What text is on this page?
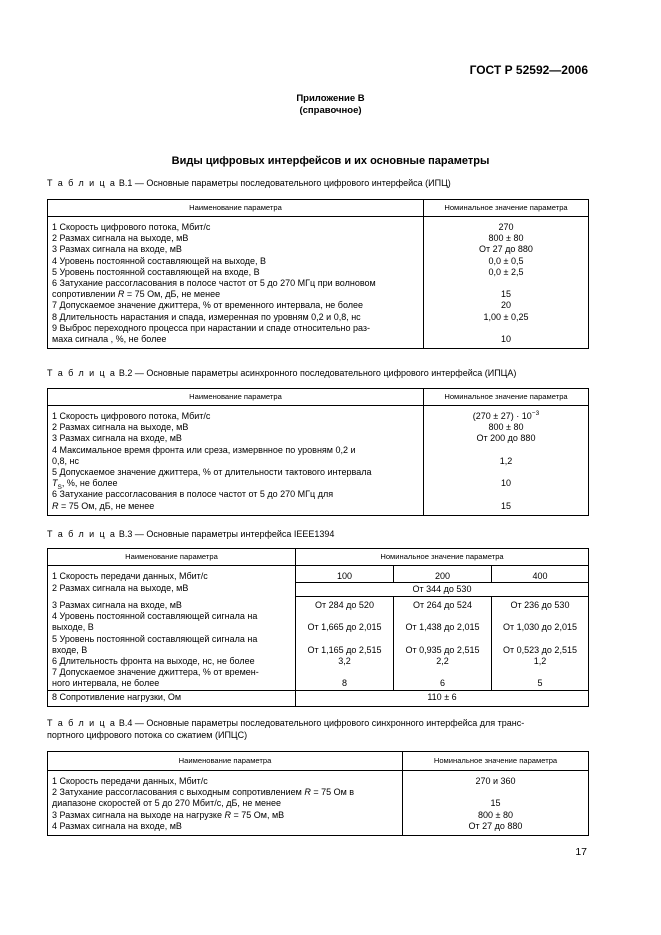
ГОСТ Р 52592—2006
Приложение В
(справочное)
Виды цифровых интерфейсов и их основные параметры
Т а б л и ц а В.1 — Основные параметры последовательного цифрового интерфейса (ИПЦ)
Наименование параметра	Номинальное значение параметра
1 Скорость цифрового потока, Мбит/с	270
2 Размах сигнала на выходе, мВ	800 ± 80
3 Размах сигнала на входе, мВ	От 27 до 880
4 Уровень постоянной составляющей на выходе, В	0,0 ± 0,5
5 Уровень постоянной составляющей на входе, В	0,0 ± 2,5

6 Затухание рассогласования в полосе частот от 5 до 270 МГц при волновом
сопротивлении R = 75 Ом, дБ, не менее	15
7 Допускаемое значение джиттера, % от временного интервала, не более	20
8 Длительность нарастания и спада, измеренная по уровням 0,2 и 0,8, нс	1,00 ± 0,25

9 Выброс переходного процесса при нарастании и спаде относительно раз-
маха сигнала , %, не более	10
Т а б л и ц а В.2 — Основные параметры асинхронного последовательного цифрового интерфейса (ИПЦА)
Наименование параметра	Номинальное значение параметра
1 Скорость цифрового потока, Мбит/с	$(270 \pm 27) \cdot 10^{-3}$
2 Размах сигнала на выходе, мВ	800 ± 80
3 Размах сигнала на входе, мВ	От 200 до 880

4 Максимальное время фронта или среза, измервнное по уровням 0,2 и
0,8, нс	1,2

5 Допускаемое значение джиттера, % от длительности тактового интервала
$T_S$, %, не более	10

6 Затухание рассогласования в полосе частот от 5 до 270 МГц для
R = 75 Ом, дБ, не менее	15
Т а б л и ц а В.3 — Основные параметры интерфейса IEEE1394
Наименование параметра	Номинальное значение параметра		
1 Скорость передачи данных, Мбит/с	100	200	400
2 Размах сигнала на выходе, мВ	От 344 до 530		
3 Размах сигнала на входе, мВ	От 284 до 520	От 264 до 524	От 236 до 530

4 Уровень постоянной составляющей сигнала на
выходе, В	От 1,665 до 2,015	От 1,438 до 2,015	От 1,030 до 2,015

5 Уровень постоянной составляющей сигнала на
входе, В	От 1,165 до 2,515	От 0,935 до 2,515	От 0,523 до 2,515
6 Длительность фронта на выходе, нс, не более	3,2	2,2	1,2

7 Допускаемое значение джиттера, % от времен-
ного интервала, не более	8	6	5
8 Сопротивление нагрузки, Ом	110 ± 6		
Т а б л и ц а В.4 — Основные параметры последовательного цифрового синхронного интерфейса для транс-
портного цифрового потока со сжатием (ИПЦС)
Наименование параметра	Номинальное значение параметра
1 Скорость передачи данных, Мбит/с	270 и 360

2 Затухание рассогласования с выходным сопротивлением R = 75 Ом в
диапазоне скоростей от 5 до 270 Мбит/с, дБ, не менее	15
3 Размах сигнала на выходе на нагрузке R = 75 Ом, мВ	800 ± 80
4 Размах сигнала на входе, мВ	От 27 до 880
17
